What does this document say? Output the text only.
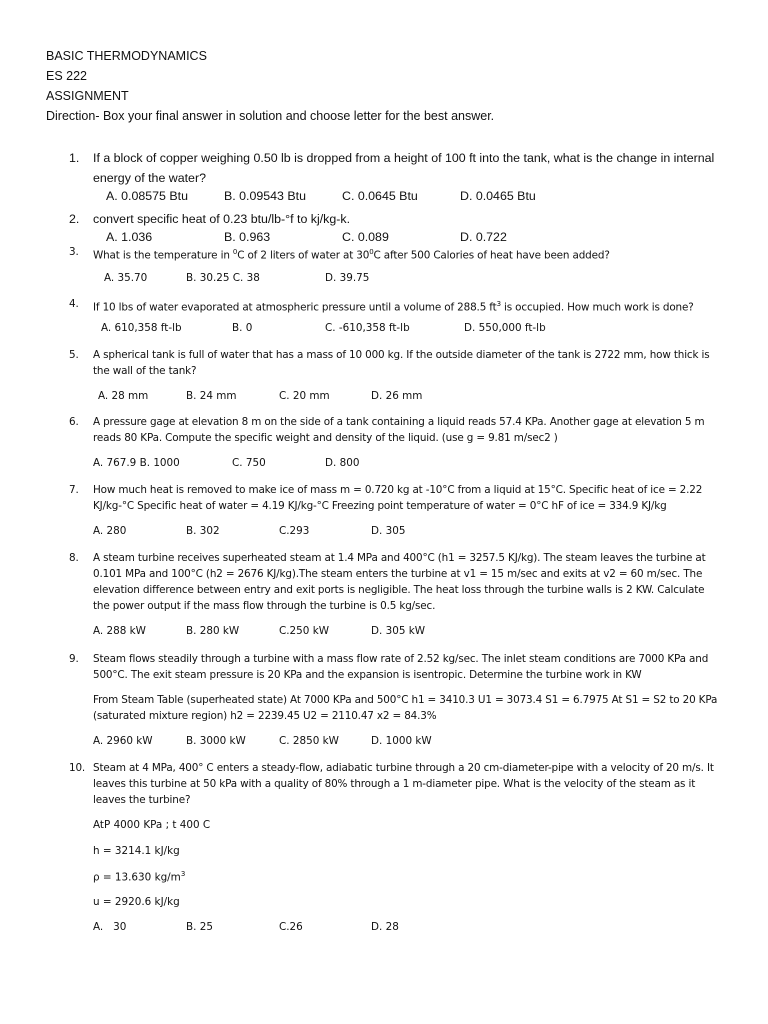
BASIC THERMODYNAMICS
ES 222
ASSIGNMENT
Direction- Box your final answer in solution and choose letter for the best answer.
1.	If a block of copper weighing 0.50 lb is dropped from a height of 100 ft into the tank, what is the change in internal energy of the water?
A. 0.08575 Btu	B. 0.09543 Btu	C. 0.0645 Btu	D. 0.0465 Btu
2.	convert specific heat of 0.23 btu/lb-°f to kj/kg-k.
A. 1.036	B. 0.963	C. 0.089	D. 0.722
3.	What is the temperature in $^0$C of 2 liters of water at $30^0C$ after 500 Calories of heat have been added?
A. 35.70	B. 30.25 C. 38	D. 39.75
4.	If 10 lbs of water evaporated at atmospheric pressure until a volume of 288.5 $ft^3$ is occupied. How much work is done?
A. 610,358 ft-lb	B. 0	C. -610,358 ft-lb	D. 550,000 ft-lb
5.	A spherical tank is full of water that has a mass of 10 000 kg. If the outside diameter of the tank is 2722 mm, how thick is the wall of the tank?
A. 28 mm	B. 24 mm	C. 20 mm	D. 26 mm
6.	A pressure gage at elevation 8 m on the side of a tank containing a liquid reads 57.4 KPa. Another gage at elevation 5 m reads 80 KPa. Compute the specific weight and density of the liquid. (use g = 9.81 m/sec2 )
A. 767.9 B. 1000	C. 750	D. 800
7.	How much heat is removed to make ice of mass m = 0.720 kg at -10°C from a liquid at 15°C. Specific heat of ice = 2.22 KJ/kg-°C Specific heat of water = 4.19 KJ/kg-°C Freezing point temperature of water = 0°C hF of ice = 334.9 KJ/kg
A. 280	B. 302	C.293	D. 305
8.	A steam turbine receives superheated steam at 1.4 MPa and 400°C (h1 = 3257.5 KJ/kg). The steam leaves the turbine at 0.101 MPa and 100°C (h2 = 2676 KJ/kg).The steam enters the turbine at v1 = 15 m/sec and exits at v2 = 60 m/sec. The elevation difference between entry and exit ports is negligible. The heat loss through the turbine walls is 2 KW. Calculate the power output if the mass flow through the turbine is 0.5 kg/sec.
A. 288 kW	B. 280 kW	C.250 kW	D. 305 kW
9.	Steam flows steadily through a turbine with a mass flow rate of 2.52 kg/sec. The inlet steam conditions are 7000 KPa and 500°C. The exit steam pressure is 20 KPa and the expansion is isentropic. Determine the turbine work in KW
From Steam Table (superheated state) At 7000 KPa and 500°C h1 = 3410.3 U1 = 3073.4 S1 = 6.7975 At S1 = S2 to 20 KPa (saturated mixture region) h2 = 2239.45 U2 = 2110.47 x2 = 84.3%
A. 2960 kW	B. 3000 kW	C. 2850 kW	D. 1000 kW
10. Steam at 4 MPa, 400° C enters a steady-flow, adiabatic turbine through a 20 cm-diameter-pipe with a velocity of 20 m/s. It leaves this turbine at 50 kPa with a quality of 80% through a 1 m-diameter pipe. What is the velocity of the steam as it leaves the turbine?
AtP 4000 KPa ; t 400 C
h = 3214.1 kJ/kg
ρ = 13.630 $kg/m^3$
u = 2920.6 kJ/kg
A.   30	B. 25	C.26	D. 28
